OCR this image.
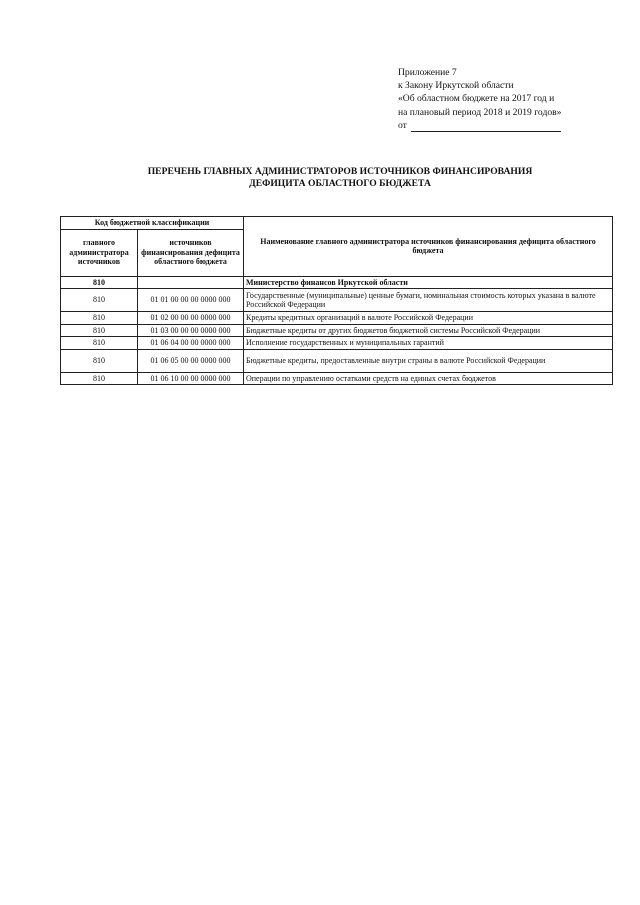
Приложение 7
к Закону Иркутской области
«Об областном бюджете на 2017 год и
на плановый период 2018 и 2019 годов»
от
ПЕРЕЧЕНЬ ГЛАВНЫХ АДМИНИСТРАТОРОВ ИСТОЧНИКОВ ФИНАНСИРОВАНИЯ
ДЕФИЦИТА ОБЛАСТНОГО БЮДЖЕТА
Код бюджетной классификации		Наименование главного администратора источников финансирования дефицита областного бюджета
главного администратора источников	источников финансирования дефицита областного бюджета	
810		Министерство финансов Иркутской области
810	01 01 00 00 00 0000 000	Государственные (муниципальные) ценные бумаги, номинальная стоимость которых указана в валюте Российской Федерации
810	01 02 00 00 00 0000 000	Кредиты кредитных организаций в валюте Российской Федерации
810	01 03 00 00 00 0000 000	Бюджетные кредиты от других бюджетов бюджетной системы Российской Федерации
810	01 06 04 00 00 0000 000	Исполнение государственных и муниципальных гарантий
810	01 06 05 00 00 0000 000	Бюджетные кредиты, предоставленные внутри страны в валюте Российской Федерации
810	01 06 10 00 00 0000 000	Операции по управлению остатками средств на единых счетах бюджетов
